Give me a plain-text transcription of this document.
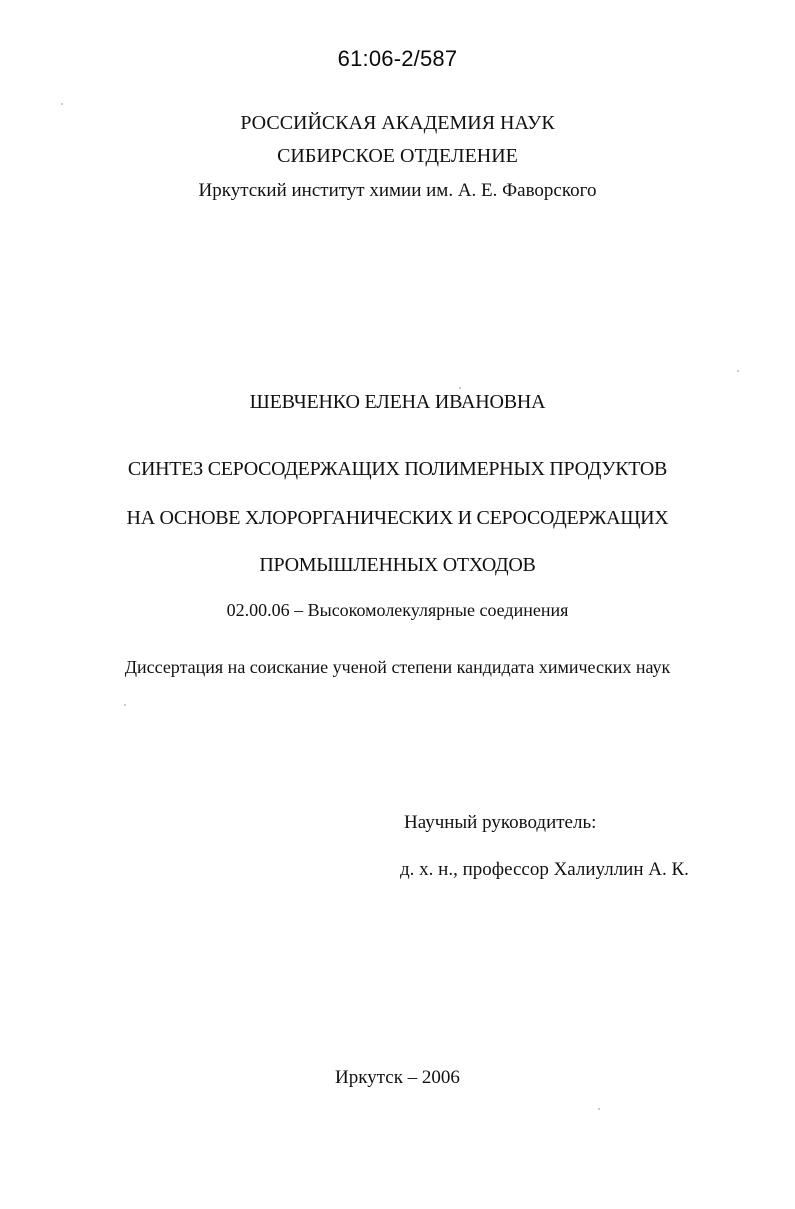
61:06-2/587
РОССИЙСКАЯ АКАДЕМИЯ НАУК
СИБИРСКОЕ ОТДЕЛЕНИЕ
Иркутский институт химии им. А. Е. Фаворского
ШЕВЧЕНКО ЕЛЕНА ИВАНОВНА
СИНТЕЗ СЕРОСОДЕРЖАЩИХ ПОЛИМЕРНЫХ ПРОДУКТОВ
НА ОСНОВЕ ХЛОРОРГАНИЧЕСКИХ И СЕРОСОДЕРЖАЩИХ
ПРОМЫШЛЕННЫХ ОТХОДОВ
02.00.06 – Высокомолекулярные соединения
Диссертация на соискание ученой степени кандидата химических наук
Научный руководитель:
д. х. н., профессор Халиуллин А. К.
Иркутск – 2006
